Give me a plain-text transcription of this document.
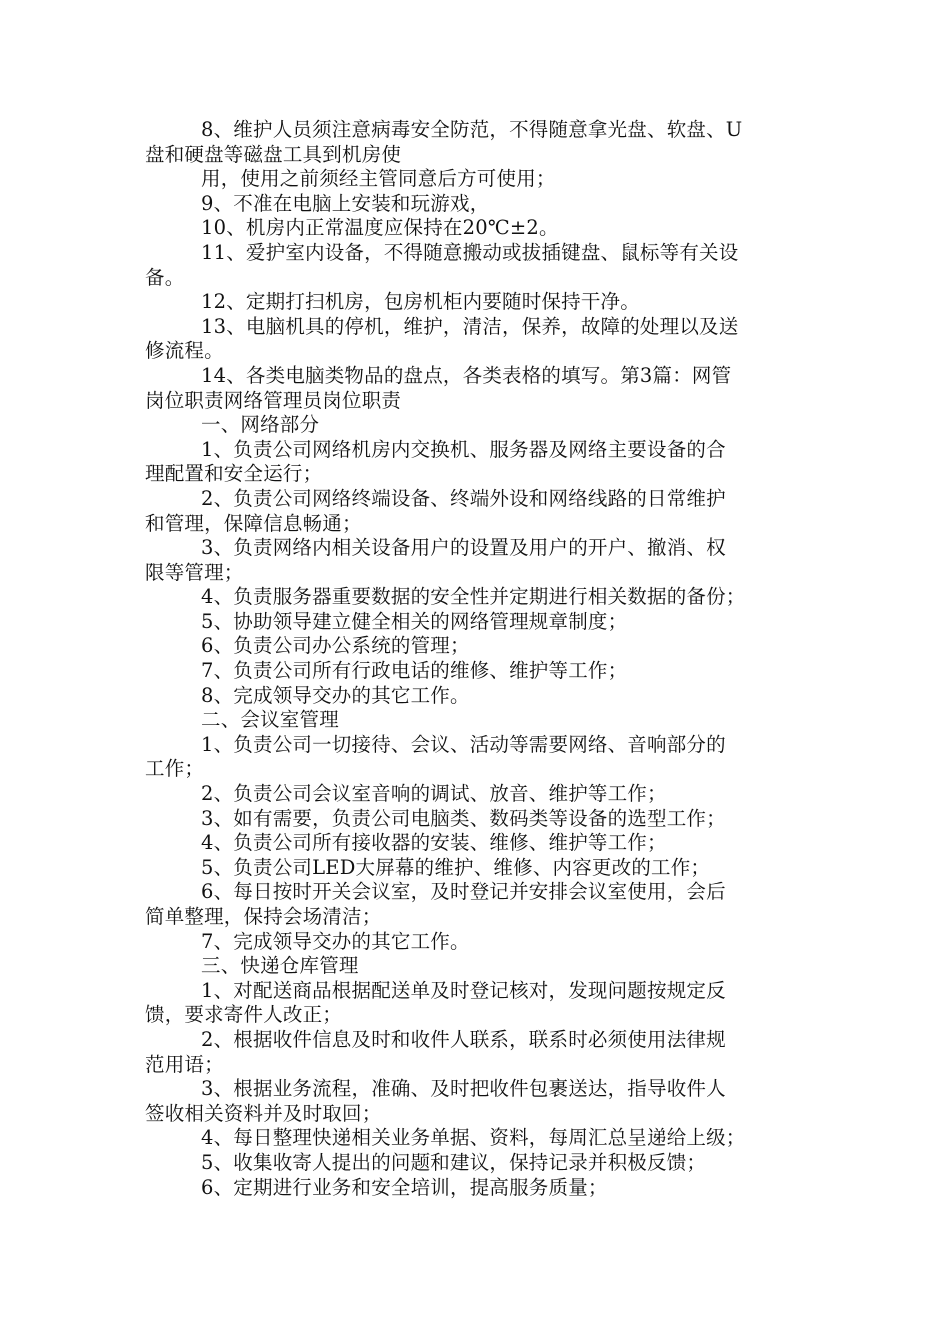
8、维护人员须注意病毒安全防范，不得随意拿光盘、软盘、U
盘和硬盘等磁盘工具到机房使
用，使用之前须经主管同意后方可使用；
9、不准在电脑上安装和玩游戏，
10、机房内正常温度应保持在20℃±2。
11、爱护室内设备，不得随意搬动或拔插键盘、鼠标等有关设
备。
12、定期打扫机房，包房机柜内要随时保持干净。
13、电脑机具的停机，维护，清洁，保养，故障的处理以及送
修流程。
14、各类电脑类物品的盘点，各类表格的填写。第3篇：网管
岗位职责网络管理员岗位职责
一、网络部分
1、负责公司网络机房内交换机、服务器及网络主要设备的合
理配置和安全运行；
2、负责公司网络终端设备、终端外设和网络线路的日常维护
和管理，保障信息畅通；
3、负责网络内相关设备用户的设置及用户的开户、撤消、权
限等管理；
4、负责服务器重要数据的安全性并定期进行相关数据的备份；
5、协助领导建立健全相关的网络管理规章制度；
6、负责公司办公系统的管理；
7、负责公司所有行政电话的维修、维护等工作；
8、完成领导交办的其它工作。
二、会议室管理
1、负责公司一切接待、会议、活动等需要网络、音响部分的
工作；
2、负责公司会议室音响的调试、放音、维护等工作；
3、如有需要，负责公司电脑类、数码类等设备的选型工作；
4、负责公司所有接收器的安装、维修、维护等工作；
5、负责公司LED大屏幕的维护、维修、内容更改的工作；
6、每日按时开关会议室，及时登记并安排会议室使用，会后
简单整理，保持会场清洁；
7、完成领导交办的其它工作。
三、快递仓库管理
1、对配送商品根据配送单及时登记核对，发现问题按规定反
馈，要求寄件人改正；
2、根据收件信息及时和收件人联系，联系时必须使用法律规
范用语；
3、根据业务流程，准确、及时把收件包裹送达，指导收件人
签收相关资料并及时取回；
4、每日整理快递相关业务单据、资料，每周汇总呈递给上级；
5、收集收寄人提出的问题和建议，保持记录并积极反馈；
6、定期进行业务和安全培训，提高服务质量；
